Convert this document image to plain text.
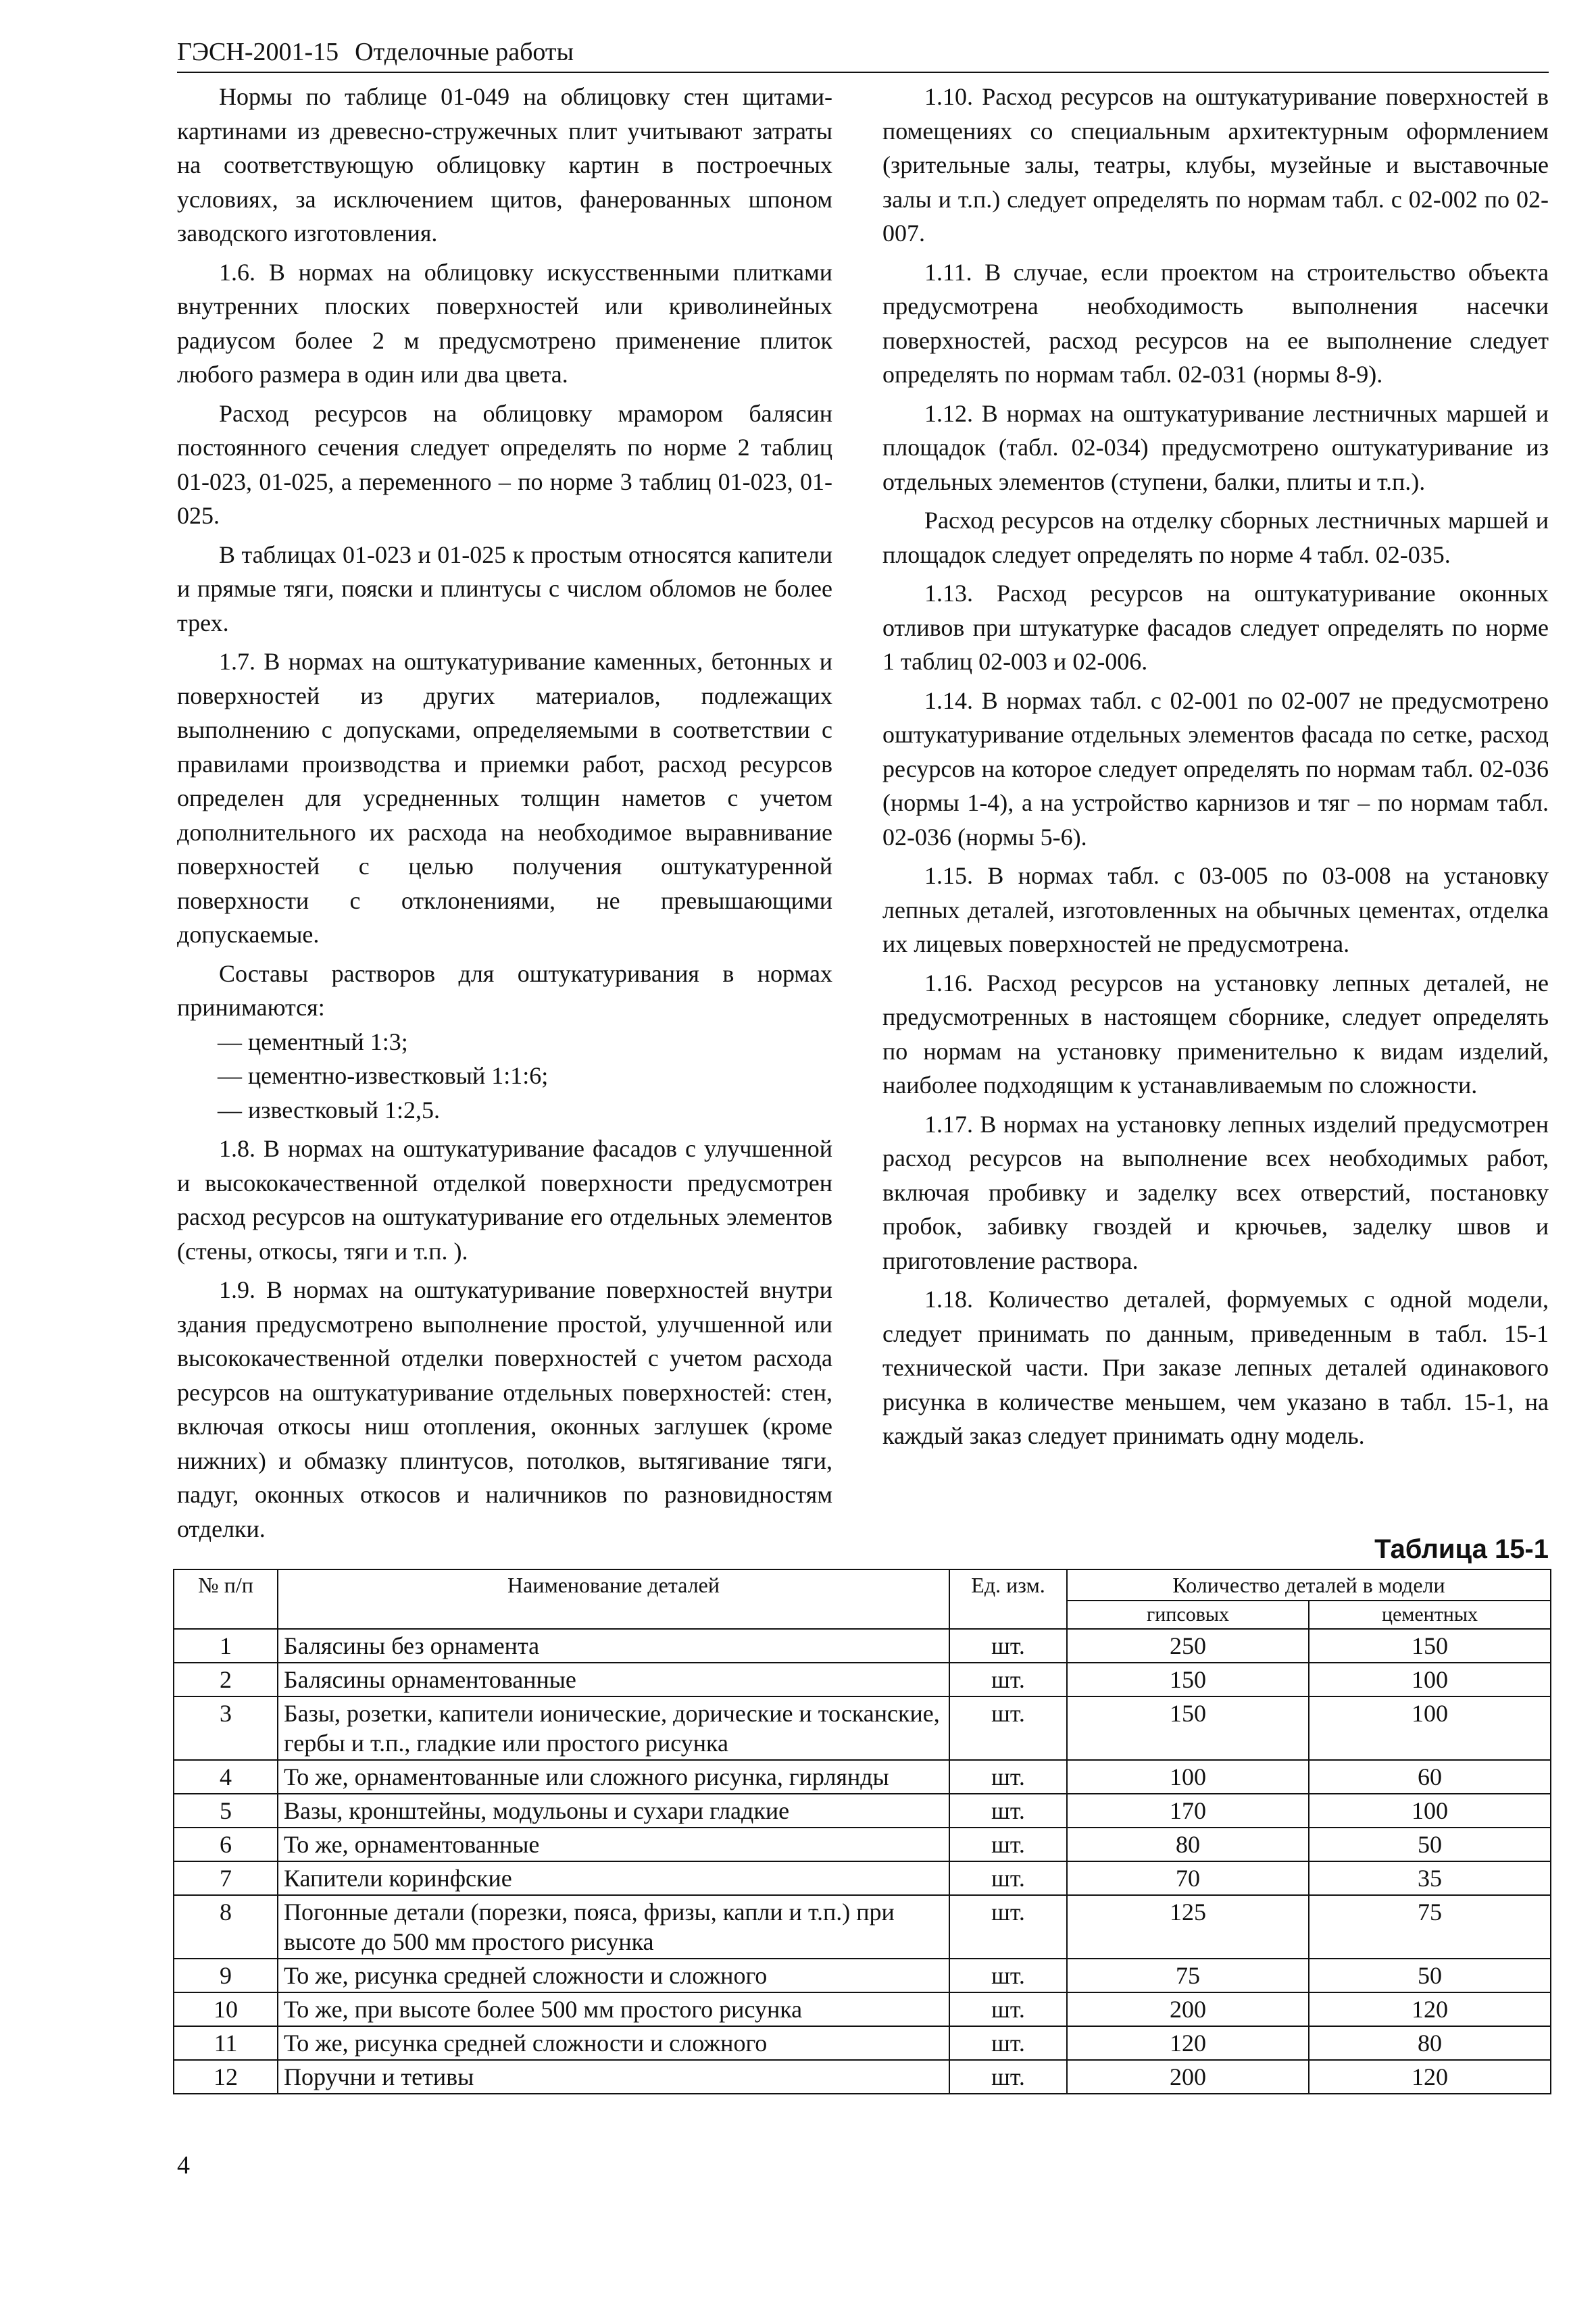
ГЭСН-2001-15 Отделочные работы

Нормы по таблице 01-049 на облицовку стен щитами-картинами из древесно-стружечных плит учитывают затраты на соответствующую облицовку картин в построечных условиях, за исключением щитов, фанерованных шпоном заводского изготовления.

1.6. В нормах на облицовку искусственными плитками внутренних плоских поверхностей или криволинейных радиусом более 2 м предусмотрено применение плиток любого размера в один или два цвета.

Расход ресурсов на облицовку мрамором балясин постоянного сечения следует определять по норме 2 таблиц 01-023, 01-025, а переменного – по норме 3 таблиц 01-023, 01-025.

В таблицах 01-023 и 01-025 к простым относятся капители и прямые тяги, пояски и плинтусы с числом обломов не более трех.

1.7. В нормах на оштукатуривание каменных, бетонных и поверхностей из других материалов, подлежащих выполнению с допусками, определяемыми в соответствии с правилами производства и приемки работ, расход ресурсов определен для усредненных толщин наметов с учетом дополнительного их расхода на необходимое выравнивание поверхностей с целью получения оштукатуренной поверхности с отклонениями, не превышающими допускаемые.

Составы растворов для оштукатуривания в нормах принимаются:

— цементный 1:3;

— цементно-известковый 1:1:6;

— известковый 1:2,5.

1.8. В нормах на оштукатуривание фасадов с улучшенной и высококачественной отделкой поверхности предусмотрен расход ресурсов на оштукатуривание его отдельных элементов (стены, откосы, тяги и т.п. ).

1.9. В нормах на оштукатуривание поверхностей внутри здания предусмотрено выполнение простой, улучшенной или высококачественной отделки поверхностей с учетом расхода ресурсов на оштукатуривание отдельных поверхностей: стен, включая откосы ниш отопления, оконных заглушек (кроме нижних) и обмазку плинтусов, потолков, вытягивание тяги, падуг, оконных откосов и наличников по разновидностям отделки.

1.10. Расход ресурсов на оштукатуривание поверхностей в помещениях со специальным архитектурным оформлением (зрительные залы, театры, клубы, музейные и выставочные залы и т.п.) следует определять по нормам табл. с 02-002 по 02-007.

1.11. В случае, если проектом на строительство объекта предусмотрена необходимость выполнения насечки поверхностей, расход ресурсов на ее выполнение следует определять по нормам табл. 02-031 (нормы 8-9).

1.12. В нормах на оштукатуривание лестничных маршей и площадок (табл. 02-034) предусмотрено оштукатуривание из отдельных элементов (ступени, балки, плиты и т.п.).

Расход ресурсов на отделку сборных лестничных маршей и площадок следует определять по норме 4 табл. 02-035.

1.13. Расход ресурсов на оштукатуривание оконных отливов при штукатурке фасадов следует определять по норме 1 таблиц 02-003 и 02-006.

1.14. В нормах табл. с 02-001 по 02-007 не предусмотрено оштукатуривание отдельных элементов фасада по сетке, расход ресурсов на которое следует определять по нормам табл. 02-036 (нормы 1-4), а на устройство карнизов и тяг – по нормам табл. 02-036 (нормы 5-6).

1.15. В нормах табл. с 03-005 по 03-008 на установку лепных деталей, изготовленных на обычных цементах, отделка их лицевых поверхностей не предусмотрена.

1.16. Расход ресурсов на установку лепных деталей, не предусмотренных в настоящем сборнике, следует определять по нормам на установку применительно к видам изделий, наиболее подходящим к устанавливаемым по сложности.

1.17. В нормах на установку лепных изделий предусмотрен расход ресурсов на выполнение всех необходимых работ, включая пробивку и заделку всех отверстий, постановку пробок, забивку гвоздей и крючьев, заделку швов и приготовление раствора.

1.18. Количество деталей, формуемых с одной модели, следует принимать по данным, приведенным в табл. 15-1 технической части. При заказе лепных деталей одинакового рисунка в количестве меньшем, чем указано в табл. 15-1, на каждый заказ следует принимать одну модель.

Таблица 15-1
№ п/п	Наименование деталей	Ед. изм.	Количество деталей в модели	
			гипсовых	цементных
1	Балясины без орнамента	шт.	250	150
2	Балясины орнаментованные	шт.	150	100
3	Базы, розетки, капители ионические, дорические и тосканские, гербы и т.п., гладкие или простого рисунка	шт.	150	100
4	То же, орнаментованные или сложного рисунка, гирлянды	шт.	100	60
5	Вазы, кронштейны, модульоны и сухари гладкие	шт.	170	100
6	То же, орнаментованные	шт.	80	50
7	Капители коринфские	шт.	70	35
8	Погонные детали (порезки, пояса, фризы, капли и т.п.) при высоте до 500 мм простого рисунка	шт.	125	75
9	То же, рисунка средней сложности и сложного	шт.	75	50
10	То же, при высоте более 500 мм простого рисунка	шт.	200	120
11	То же, рисунка средней сложности и сложного	шт.	120	80
12	Поручни и тетивы	шт.	200	120
4
